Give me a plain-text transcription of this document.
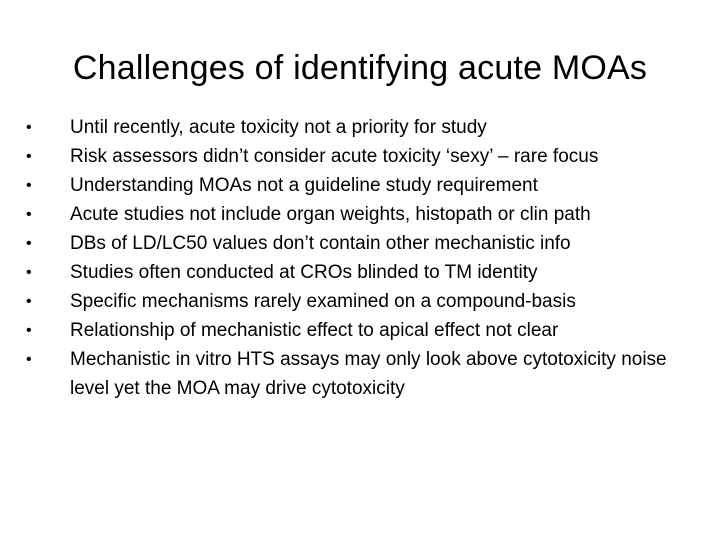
Challenges of identifying acute MOAs
•	Until recently, acute toxicity not a priority for study
•	Risk assessors didn’t consider acute toxicity ‘sexy’ – rare focus
•	Understanding MOAs not a guideline study requirement
•	Acute studies not include organ weights, histopath or clin path
•	DBs of LD/LC50 values don’t contain other mechanistic info
•	Studies often conducted at CROs blinded to TM identity
•	Specific mechanisms rarely examined on a compound-basis
•	Relationship of mechanistic effect to apical effect not clear
•	Mechanistic in vitro HTS assays may only look above cytotoxicity noise level yet the MOA may drive cytotoxicity
